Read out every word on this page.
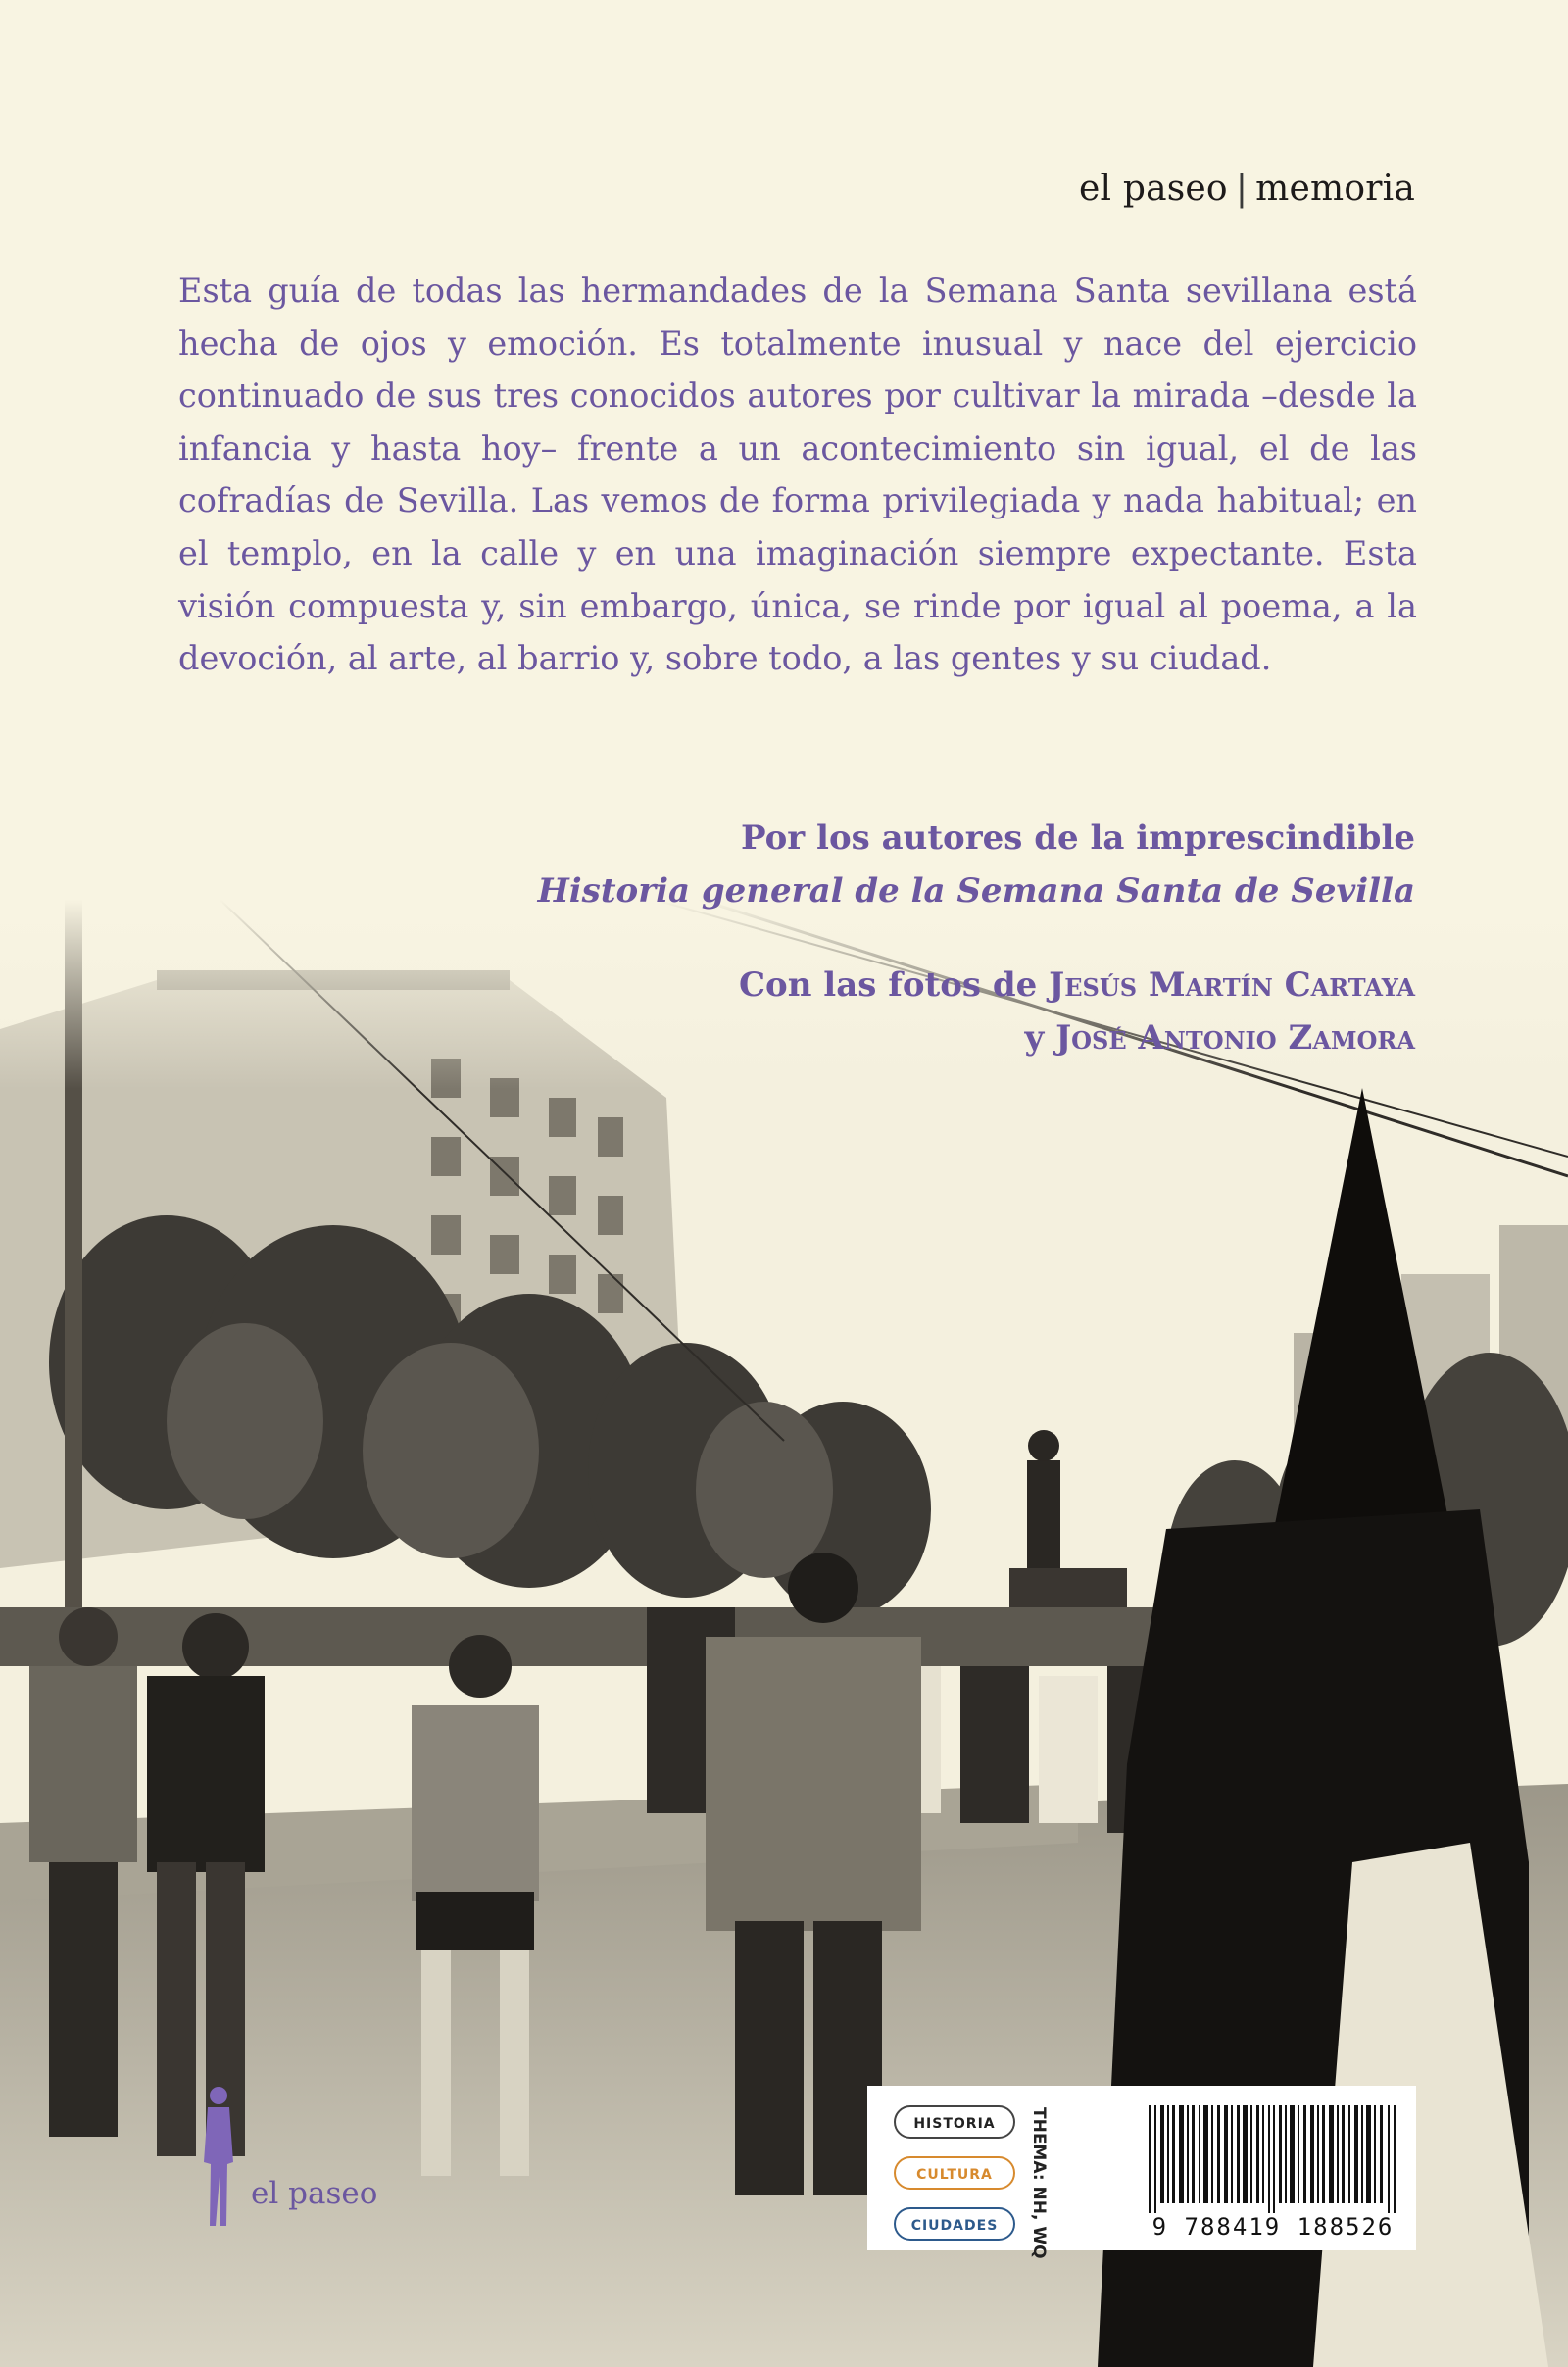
el paseo | memoria

Esta guía de todas las hermandades de la Semana Santa sevillana está hecha de ojos y emoción. Es totalmente inusual y nace del ejercicio continuado de sus tres conocidos autores por cultivar la mirada –desde la infancia y hasta hoy– frente a un acontecimiento sin igual, el de las cofradías de Sevilla. Las vemos de forma privilegiada y nada habitual; en el templo, en la calle y en una imaginación siempre expectante. Esta visión compuesta y, sin embargo, única, se rinde por igual al poema, a la devoción, al arte, al barrio y, sobre todo, a las gentes y su ciudad.

Por los autores de la imprescindible

Historia general de la Semana Santa de Sevilla

Con las fotos de Jesús Martín Cartaya

y José Antonio Zamora

el paseo
HISTORIA
CULTURA
CIUDADES	THEMA: NH, WQ	9 788419 188526
